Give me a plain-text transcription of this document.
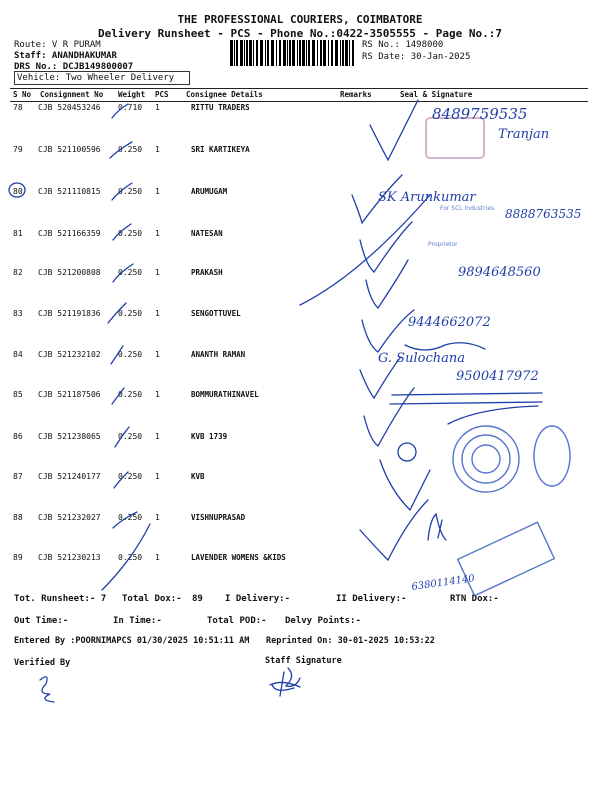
THE PROFESSIONAL COURIERS, COIMBATORE
Delivery Runsheet - PCS - Phone No.:0422-3505555 - Page No.:7
Route: V R PURAM
Staff: ANANDHAKUMAR
DRS No.: DCJB149800007
RS No.: 1498000
RS Date: 30-Jan-2025
Vehicle: Two Wheeler Delivery
S No Consignment No Weight PCS Consignee Details	Remarks	Seal & Signature
78 CJB 520453246 0.710 1	RITTU TRADERS
79 CJB 521100596 0.250 1	SRI KARTIKEYA
80 CJB 521110815 0.250 1	ARUMUGAM
81 CJB 521166359 0.250 1	NATESAN
82 CJB 521200808 0.250 1	PRAKASH
83 CJB 521191836 0.250 1	SENGOTTUVEL
84 CJB 521232102 0.250 1	ANANTH RAMAN
85 CJB 521187506 0.250 1	BOMMURATHINAVEL
86 CJB 521238065 0.250 1	KVB 1739
87 CJB 521240177 0.250 1	KVB
88 CJB 521232027 0.250 1	VISHNUPRASAD
89 CJB 521230213 0.250 1	LAVENDER WOMENS &KIDS
Tot. Runsheet:- 7 Total Dox:- 89 I Delivery:-	II Delivery:-	RTN Dox:-
Out Time:-	In Time:-	Total POD:- Delvy Points:-
Entered By :POORNIMAPCS 01/30/2025 10:51:11 AM Reprinted On: 30-01-2025 10:53:22
Verified By	Staff Signature
For SCL Industries
Proprietor
8489759535
Tranjan
SK Arunkumar
8888763535
9894648560
9444662072
G. Sulochana
9500417972
6380114140
